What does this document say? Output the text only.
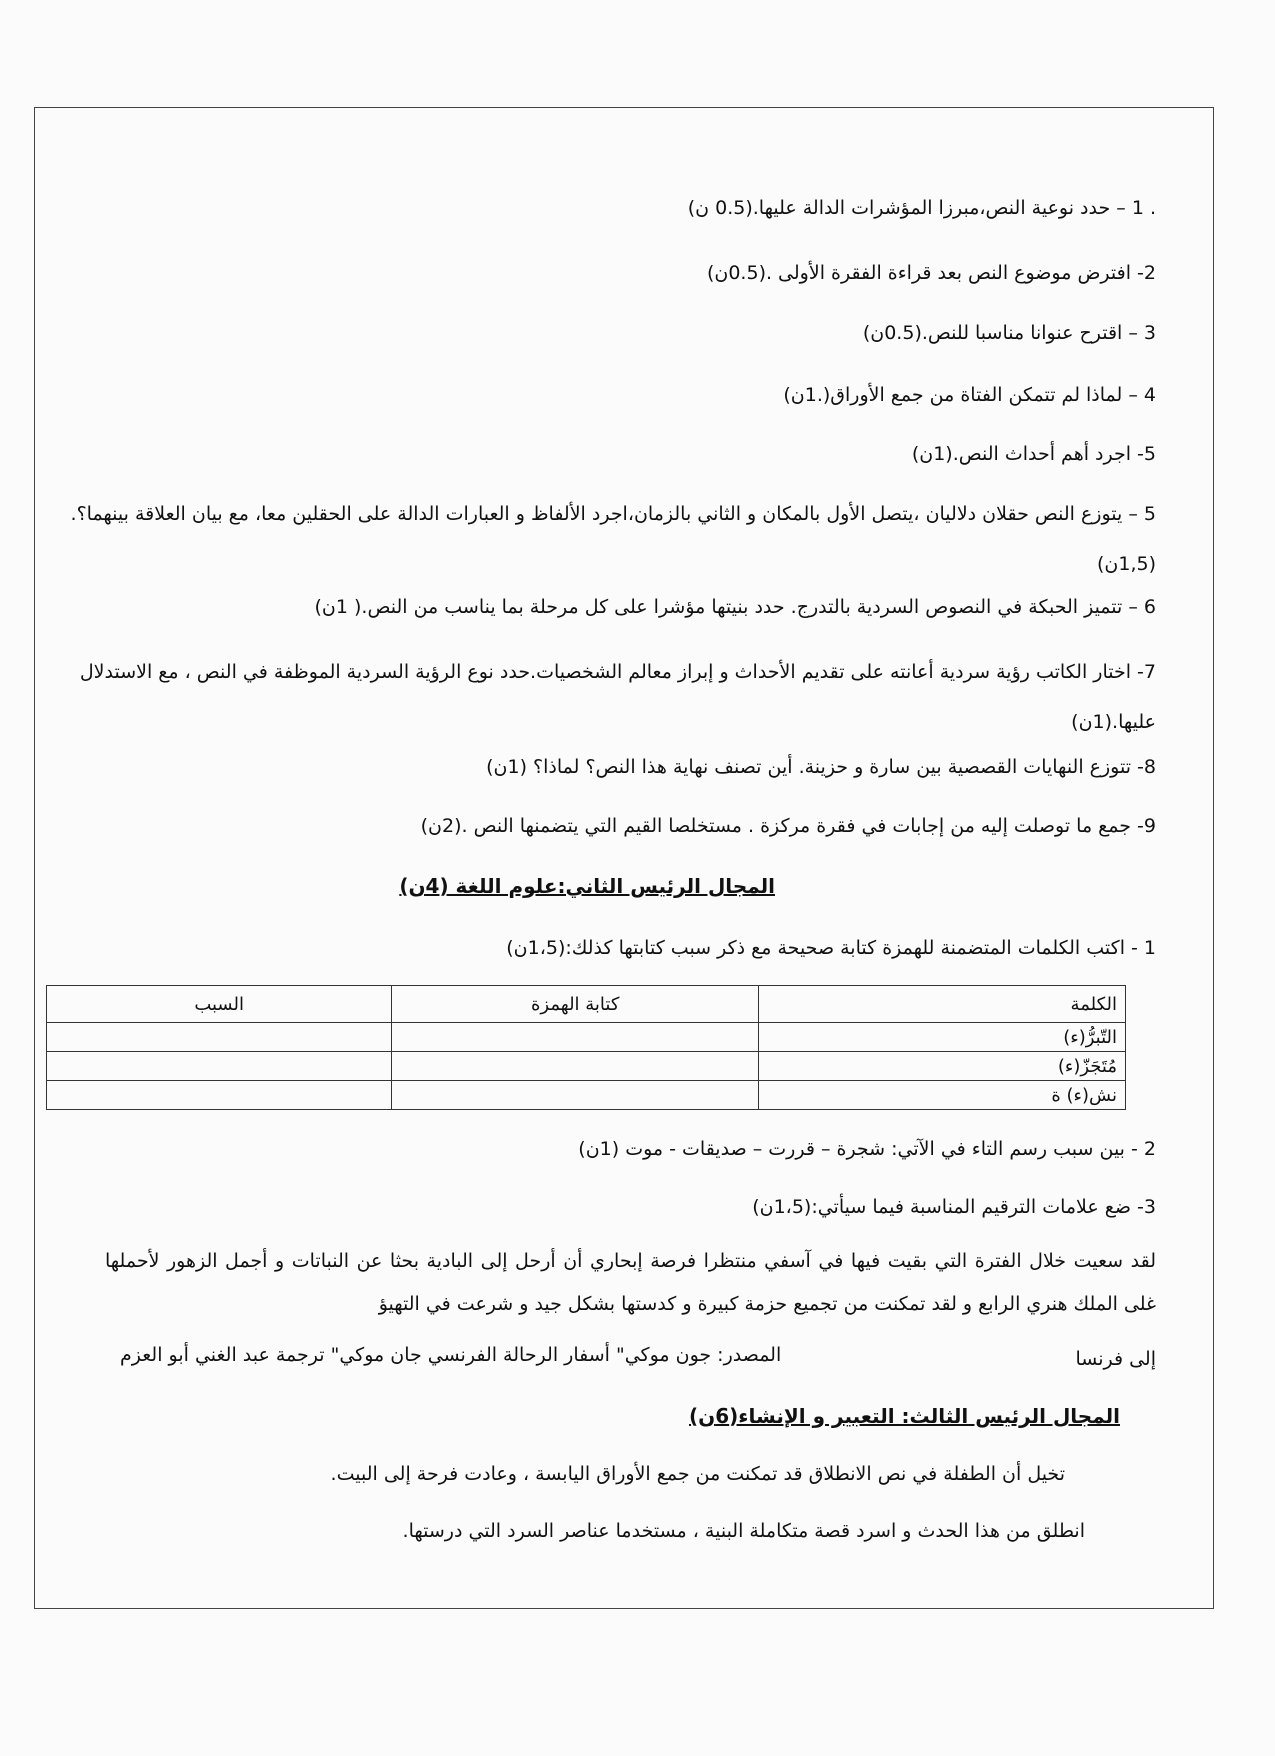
. 1 – حدد نوعية النص،مبرزا المؤشرات الدالة عليها.(0.5 ن)
2- افترض موضوع النص بعد قراءة الفقرة الأولى .(0.5ن)
3 – اقترح عنوانا مناسبا للنص.(0.5ن)
4 – لماذا لم تتمكن الفتاة من جمع الأوراق(.1ن)
5- اجرد أهم أحداث النص.(1ن)
5 – يتوزع النص حقلان دلاليان ،يتصل الأول بالمكان و الثاني بالزمان،اجرد الألفاظ و العبارات الدالة على الحقلين معا، مع بيان العلاقة بينهما؟.(1,5ن)
6 – تتميز الحبكة في النصوص السردية بالتدرج. حدد بنيتها مؤشرا على كل مرحلة بما يناسب من النص.( 1ن)
7- اختار الكاتب رؤية سردية أعانته على تقديم الأحداث و إبراز معالم الشخصيات.حدد نوع الرؤية السردية الموظفة في النص ، مع الاستدلال عليها.(1ن)
8- تتوزع النهايات القصصية بين سارة و حزينة. أين تصنف نهاية هذا النص؟ لماذا؟ (1ن)
9- جمع ما توصلت إليه من إجابات في فقرة مركزة . مستخلصا القيم التي يتضمنها النص .(2ن)
المجال الرئيس الثاني:علوم اللغة (4ن)
1 - اكتب الكلمات المتضمنة للهمزة كتابة صحيحة مع ذكر سبب كتابتها كذلك:(1،5ن)
الكلمة	كتابة الهمزة	السبب
التّبرُّ(ء)		
مُتَجَزّ(ء)		
نش(ء) ة		
2 - بين سبب رسم التاء في الآتي: شجرة – قررت – صديقات - موت (1ن)
3- ضع علامات الترقيم المناسبة فيما سيأتي:(1،5ن)
لقد سعيت خلال الفترة التي بقيت فيها في آسفي منتظرا فرصة إبحاري أن أرحل إلى البادية بحثا عن النباتات و أجمل الزهور لأحملها غلى الملك هنري الرابع و لقد تمكنت من تجميع حزمة كبيرة و كدستها بشكل جيد و شرعت في التهيؤ
إلى فرنسا
المصدر: جون موكي" أسفار الرحالة الفرنسي جان موكي" ترجمة عبد الغني أبو العزم
المجال الرئيس الثالث: التعبير و الإنشاء(6ن)
تخيل أن الطفلة في نص الانطلاق قد تمكنت من جمع الأوراق اليابسة ، وعادت فرحة إلى البيت.
انطلق من هذا الحدث و اسرد قصة متكاملة البنية ، مستخدما عناصر السرد التي درستها.
